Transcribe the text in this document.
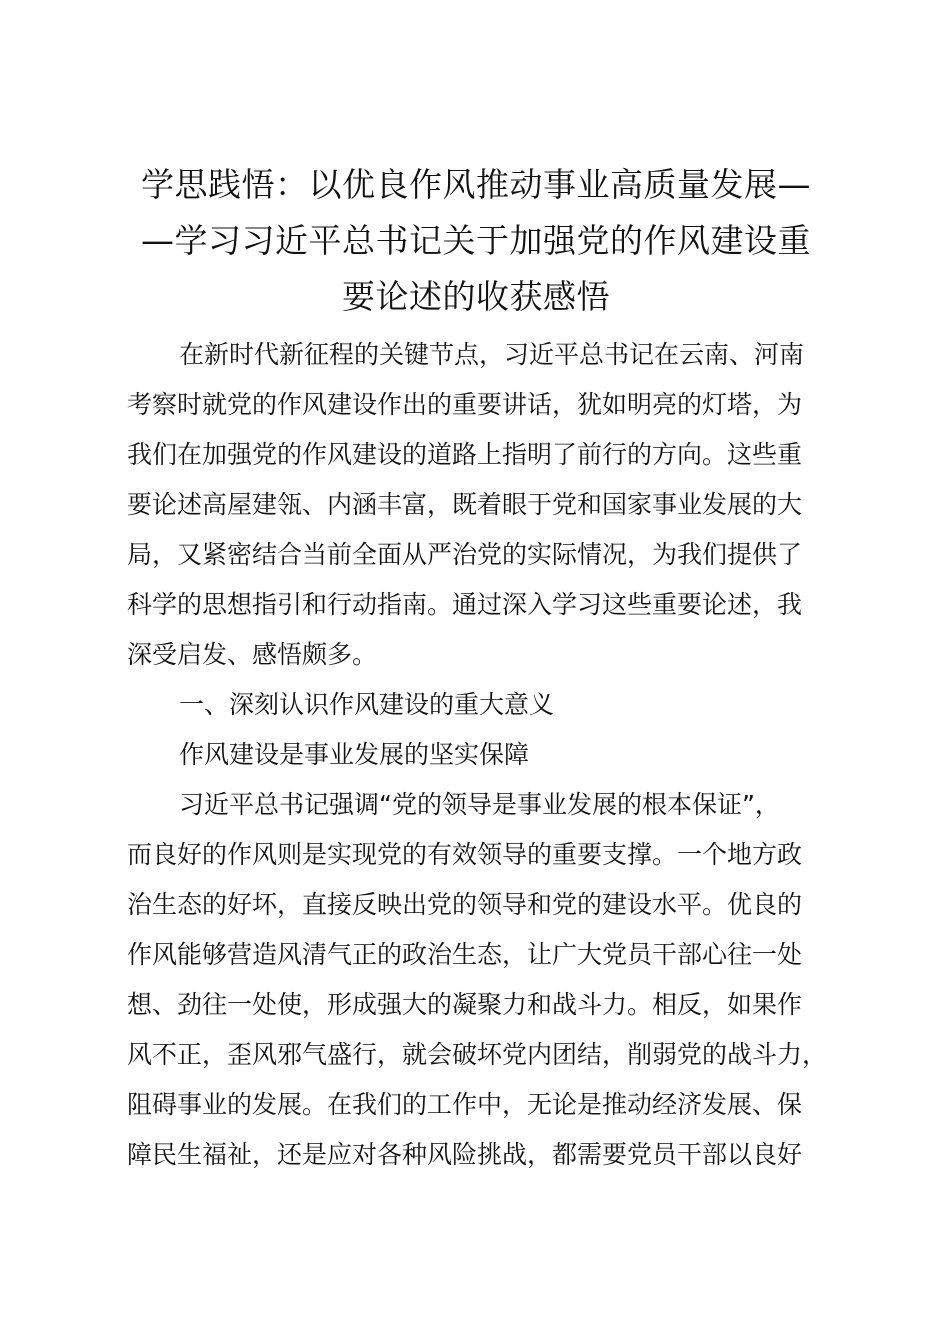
学思践悟：以优良作风推动事业高质量发展—
—学习习近平总书记关于加强党的作风建设重
要论述的收获感悟
在新时代新征程的关键节点，习近平总书记在云南、河南
考察时就党的作风建设作出的重要讲话，犹如明亮的灯塔，为
我们在加强党的作风建设的道路上指明了前行的方向。这些重
要论述高屋建瓴、内涵丰富，既着眼于党和国家事业发展的大
局，又紧密结合当前全面从严治党的实际情况，为我们提供了
科学的思想指引和行动指南。通过深入学习这些重要论述，我
深受启发、感悟颇多。
一、深刻认识作风建设的重大意义
作风建设是事业发展的坚实保障
习近平总书记强调“党的领导是事业发展的根本保证”，
而良好的作风则是实现党的有效领导的重要支撑。一个地方政
治生态的好坏，直接反映出党的领导和党的建设水平。优良的
作风能够营造风清气正的政治生态，让广大党员干部心往一处
想、劲往一处使，形成强大的凝聚力和战斗力。相反，如果作
风不正，歪风邪气盛行，就会破坏党内团结，削弱党的战斗力，
阻碍事业的发展。在我们的工作中，无论是推动经济发展、保
障民生福祉，还是应对各种风险挑战，都需要党员干部以良好
